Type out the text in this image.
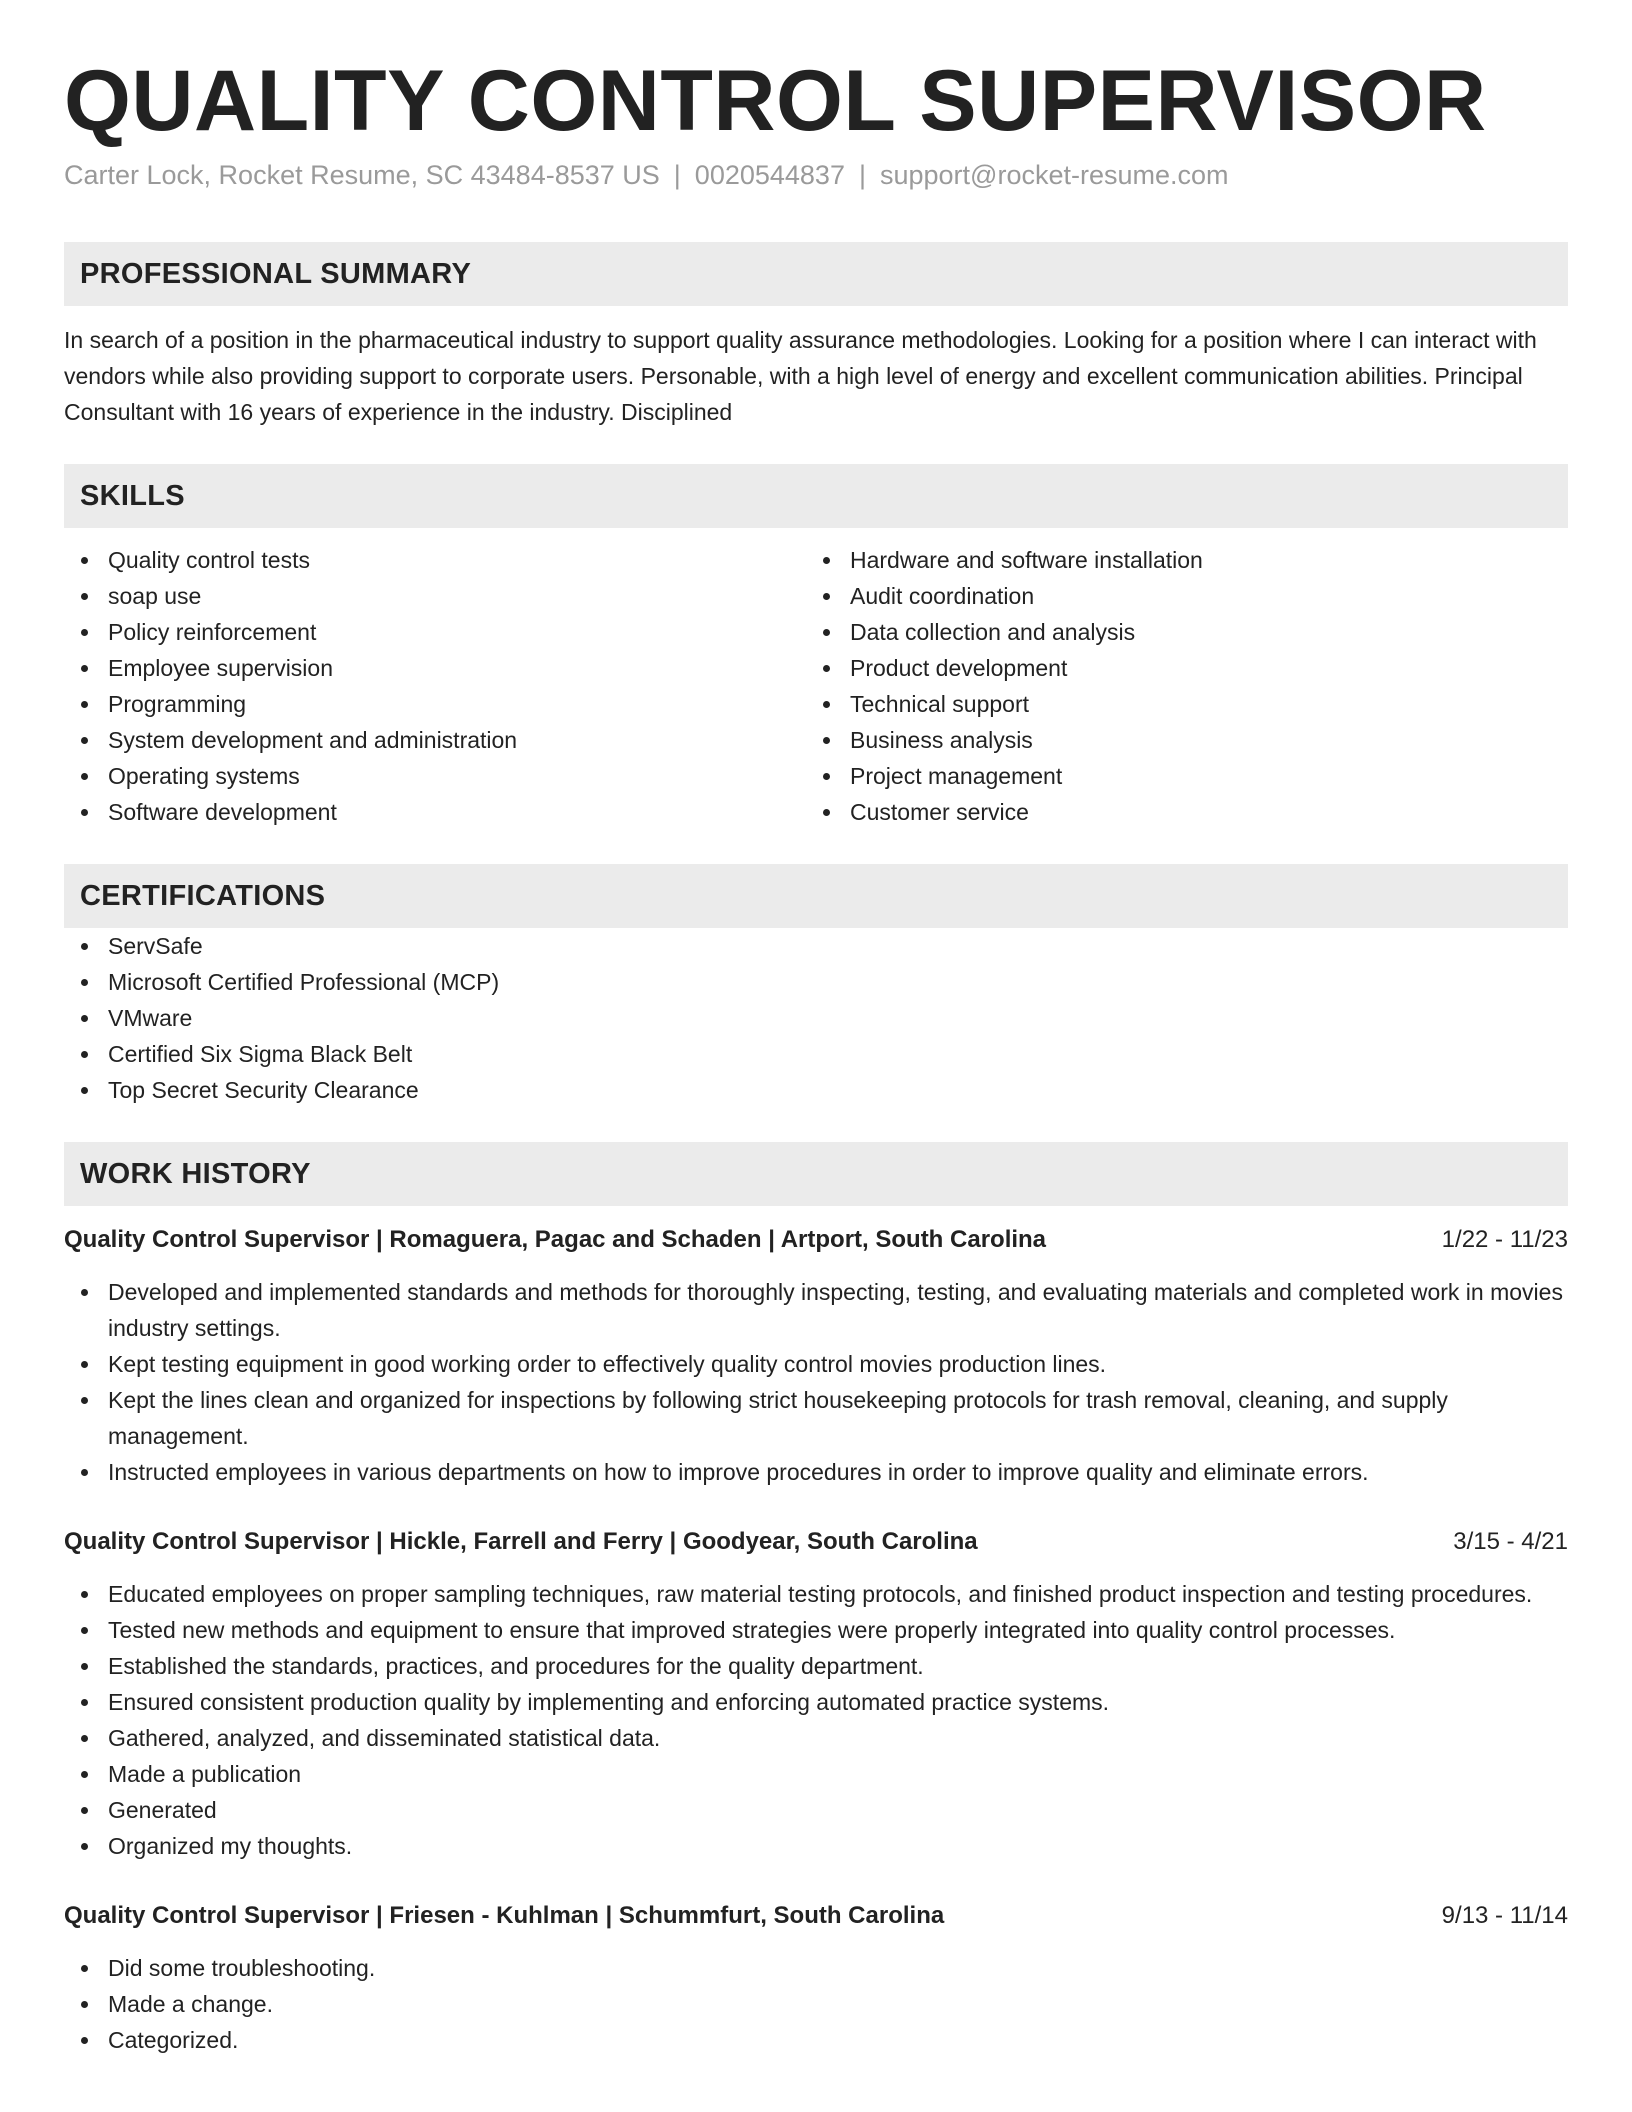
QUALITY CONTROL SUPERVISOR
Carter Lock, Rocket Resume, SC 43484-8537 US | 0020544837 | support@rocket-resume.com
PROFESSIONAL SUMMARY

In search of a position in the pharmaceutical industry to support quality assurance methodologies. Looking for a position where I can interact with vendors while also providing support to corporate users. Personable, with a high level of energy and excellent communication abilities. Principal Consultant with 16 years of experience in the industry. Disciplined

SKILLS
Quality control tests
soap use
Policy reinforcement
Employee supervision
Programming
System development and administration
Operating systems
Software development
Hardware and software installation
Audit coordination
Data collection and analysis
Product development
Technical support
Business analysis
Project management
Customer service
CERTIFICATIONS
ServSafe
Microsoft Certified Professional (MCP)
VMware
Certified Six Sigma Black Belt
Top Secret Security Clearance
WORK HISTORY
Quality Control Supervisor | Romaguera, Pagac and Schaden | Artport, South Carolina	1/22 - 11/23
Developed and implemented standards and methods for thoroughly inspecting, testing, and evaluating materials and completed work in movies industry settings.
Kept testing equipment in good working order to effectively quality control movies production lines.
Kept the lines clean and organized for inspections by following strict housekeeping protocols for trash removal, cleaning, and supply management.
Instructed employees in various departments on how to improve procedures in order to improve quality and eliminate errors.
Quality Control Supervisor | Hickle, Farrell and Ferry | Goodyear, South Carolina	3/15 - 4/21
Educated employees on proper sampling techniques, raw material testing protocols, and finished product inspection and testing procedures.
Tested new methods and equipment to ensure that improved strategies were properly integrated into quality control processes.
Established the standards, practices, and procedures for the quality department.
Ensured consistent production quality by implementing and enforcing automated practice systems.
Gathered, analyzed, and disseminated statistical data.
Made a publication
Generated
Organized my thoughts.
Quality Control Supervisor | Friesen - Kuhlman | Schummfurt, South Carolina	9/13 - 11/14
Did some troubleshooting.
Made a change.
Categorized.
